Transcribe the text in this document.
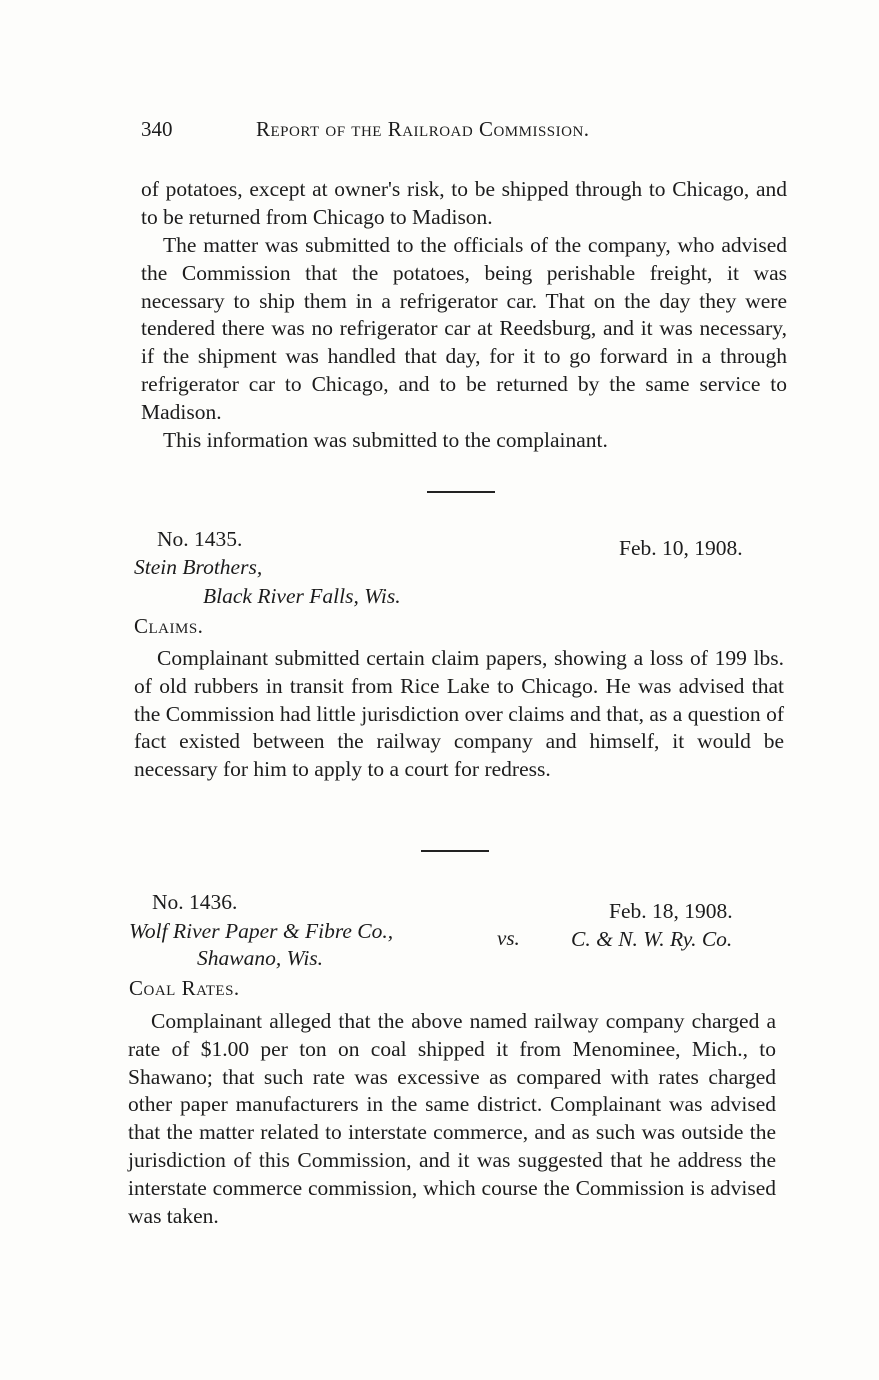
340	Report of the Railroad Commission.

of potatoes, except at owner's risk, to be shipped through to Chicago, and to be returned from Chicago to Madison.

The matter was submitted to the officials of the company, who advised the Commission that the potatoes, being perishable freight, it was necessary to ship them in a refrigerator car. That on the day they were tendered there was no refrigerator car at Reedsburg, and it was necessary, if the shipment was handled that day, for it to go forward in a through refrigerator car to Chicago, and to be returned by the same service to Madison.

This information was submitted to the complainant.

No. 1435.	Feb. 10, 1908.
Stein Brothers,
Black River Falls, Wis.
Claims.

Complainant submitted certain claim papers, showing a loss of 199 lbs. of old rubbers in transit from Rice Lake to Chicago. He was advised that the Commission had little jurisdiction over claims and that, as a question of fact existed between the railway company and himself, it would be necessary for him to apply to a court for redress.

No. 1436.	Feb. 18, 1908.
Wolf River Paper & Fibre Co.,	vs. C. & N. W. Ry. Co.
Shawano, Wis.
Coal Rates.

Complainant alleged that the above named railway company charged a rate of $1.00 per ton on coal shipped it from Menominee, Mich., to Shawano; that such rate was excessive as compared with rates charged other paper manufacturers in the same district. Complainant was advised that the matter related to interstate commerce, and as such was outside the jurisdiction of this Commission, and it was suggested that he address the interstate commerce commission, which course the Commission is advised was taken.
